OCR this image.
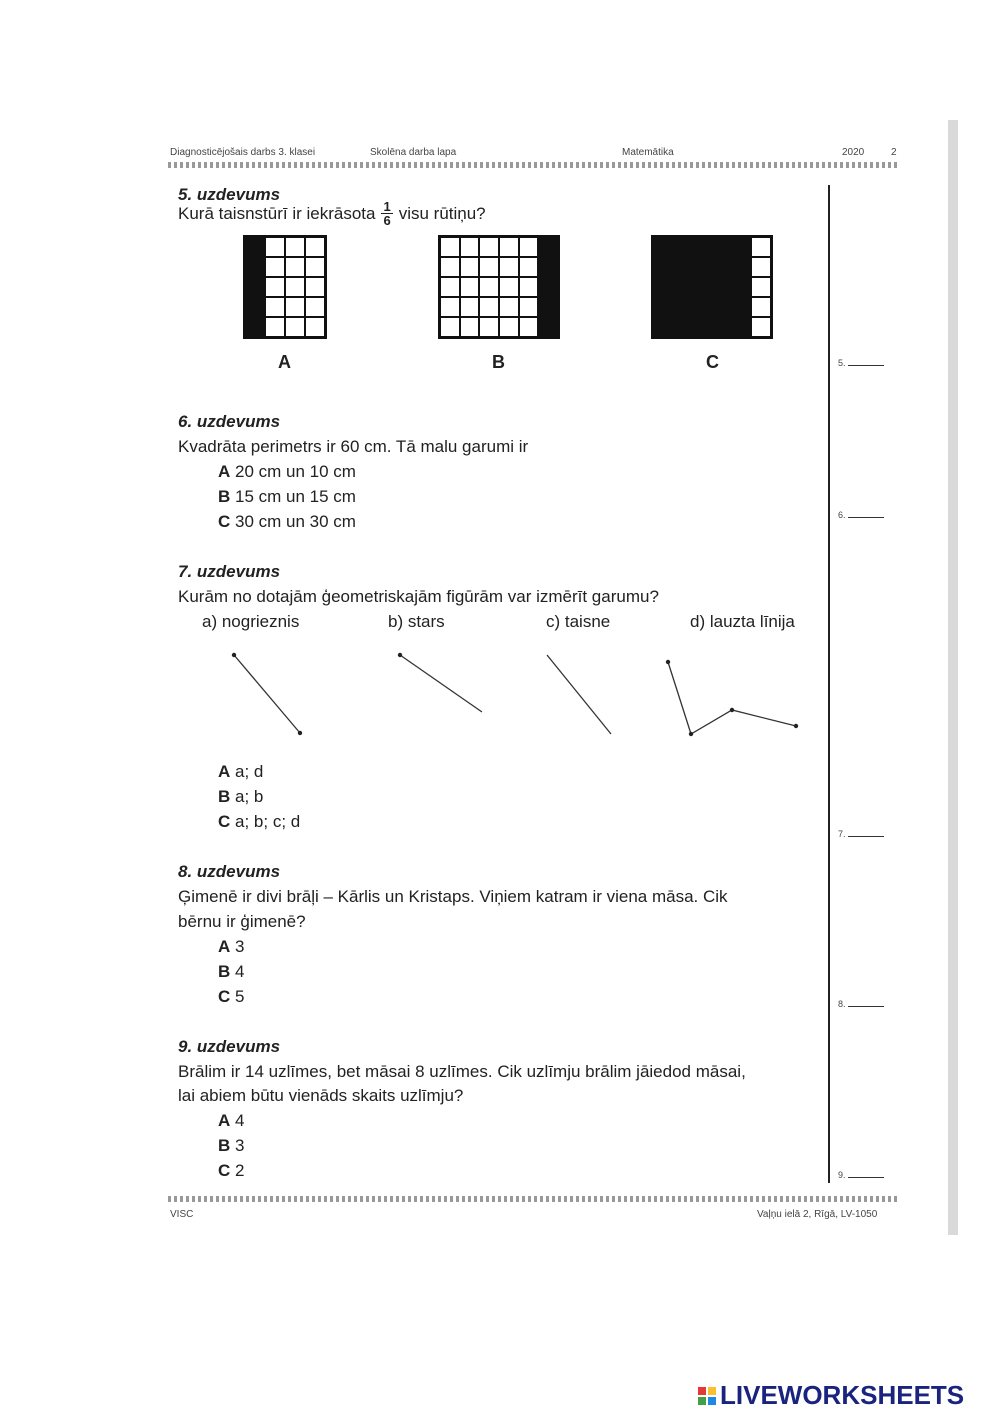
Diagnosticējošais darbs 3. klasei	Skolēna darba lapa	Matemātika	2020	2
5. uzdevums
Kurā taisnstūrī ir iekrāsota $\frac{1}{6}$ visu rūtiņu?
A	B	C	5.
6. uzdevums
Kvadrāta perimetrs ir 60 cm. Tā malu garumi ir
A 20 cm un 10 cm
B 15 cm un 15 cm
C 30 cm un 30 cm	6.
7. uzdevums
Kurām no dotajām ģeometriskajām figūrām var izmērīt garumu?
a) nogrieznis	b) stars	c) taisne	d) lauzta līnija
A a; d
B a; b
C a; b; c; d
7.
8. uzdevums
Ģimenē ir divi brāļi – Kārlis un Kristaps. Viņiem katram ir viena māsa. Cik
bērnu ir ģimenē?
A 3
B 4
C 5	8.
9. uzdevums
Brālim ir 14 uzlīmes, bet māsai 8 uzlīmes. Cik uzlīmju brālim jāiedod māsai,
lai abiem būtu vienāds skaits uzlīmju?
A 4
B 3
C 2	9.
VISC	Vaļņu ielā 2, Rīgā, LV-1050
LIVEWORKSHEETS
